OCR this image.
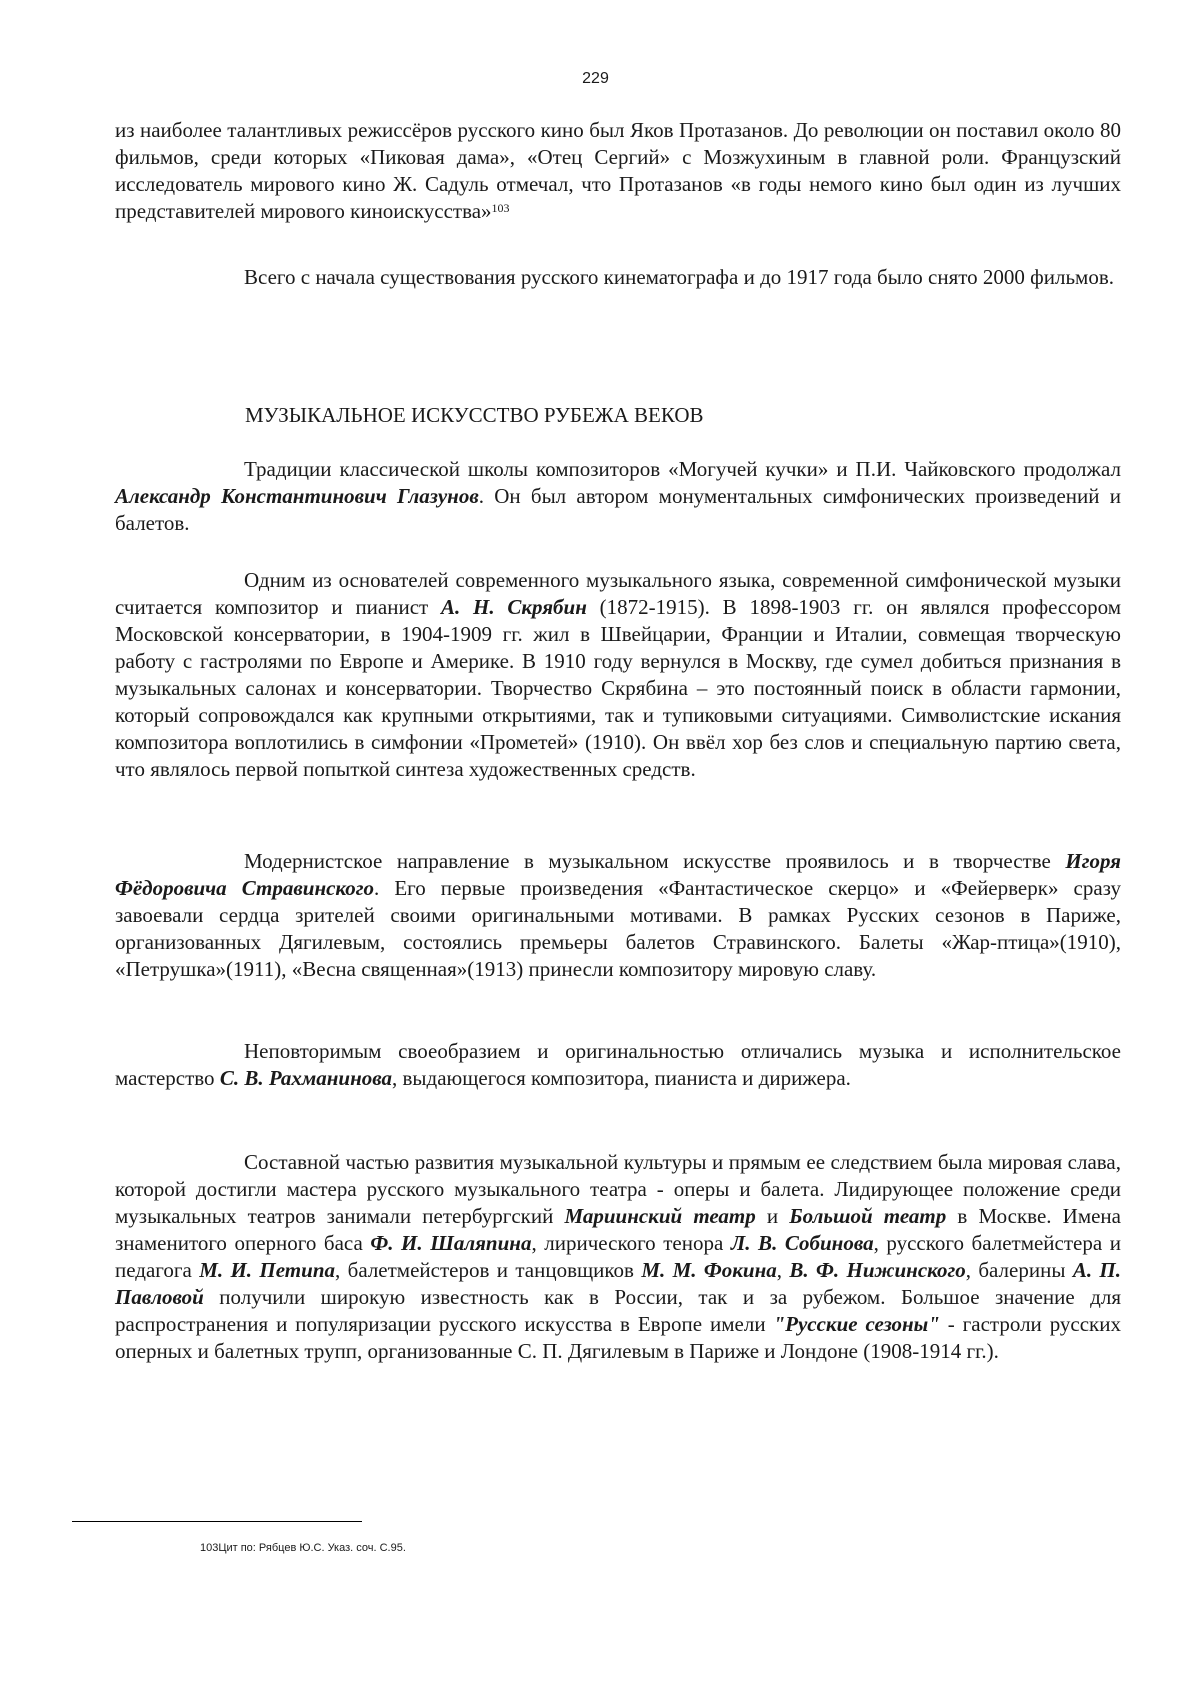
229

из наиболее талантливых режиссёров русского кино был Яков Протазанов. До революции он поставил около 80 фильмов, среди которых «Пиковая дама», «Отец Сергий» с Мозжухиным в главной роли. Французский исследователь мирового кино Ж. Садуль отмечал, что Протазанов «в годы немого кино был один из лучших представителей мирового киноискусства»$^{103}$

Всего с начала существования русского кинематографа и до 1917 года было снято 2000 фильмов.

МУЗЫКАЛЬНОЕ ИСКУССТВО РУБЕЖА ВЕКОВ

Традиции классической школы композиторов «Могучей кучки» и П.И. Чайковского продолжал Александр Константинович Глазунов. Он был автором монументальных симфонических произведений и балетов.

Одним из основателей современного музыкального языка, современной симфонической музыки считается композитор и пианист А. Н. Скрябин (1872-1915). В 1898-1903 гг. он являлся профессором Московской консерватории, в 1904-1909 гг. жил в Швейцарии, Франции и Италии, совмещая творческую работу с гастролями по Европе и Америке. В 1910 году вернулся в Москву, где сумел добиться признания в музыкальных салонах и консерватории. Творчество Скрябина – это постоянный поиск в области гармонии, который сопровождался как крупными открытиями, так и тупиковыми ситуациями. Символистские искания композитора воплотились в симфонии «Прометей» (1910). Он ввёл хор без слов и специальную партию света, что являлось первой попыткой синтеза художественных средств.

Модернистское направление в музыкальном искусстве проявилось и в творчестве Игоря Фёдоровича Стравинского. Его первые произведения «Фантастическое скерцо» и «Фейерверк» сразу завоевали сердца зрителей своими оригинальными мотивами. В рамках Русских сезонов в Париже, организованных Дягилевым, состоялись премьеры балетов Стравинского. Балеты «Жар-птица»(1910), «Петрушка»(1911), «Весна священная»(1913) принесли композитору мировую славу.

Неповторимым своеобразием и оригинальностью отличались музыка и исполнительское мастерство С. В. Рахманинова, выдающегося композитора, пианиста и дирижера.

Составной частью развития музыкальной культуры и прямым ее следствием была мировая слава, которой достигли мастера русского музыкального театра - оперы и балета. Лидирующее положение среди музыкальных театров занимали петербургский Мариинский театр и Большой театр в Москве. Имена знаменитого оперного баса Ф. И. Шаляпина, лирического тенора Л. В. Собинова, русского балетмейстера и педагога М. И. Петипа, балетмейстеров и танцовщиков М. М. Фокина, В. Ф. Нижинского, балерины А. П. Павловой получили широкую известность как в России, так и за рубежом. Большое значение для распространения и популяризации русского искусства в Европе имели "Русские сезоны" - гастроли русских оперных и балетных трупп, организованные С. П. Дягилевым в Париже и Лондоне (1908-1914 гг.).

103Цит по: Рябцев Ю.С. Указ. соч. С.95.
